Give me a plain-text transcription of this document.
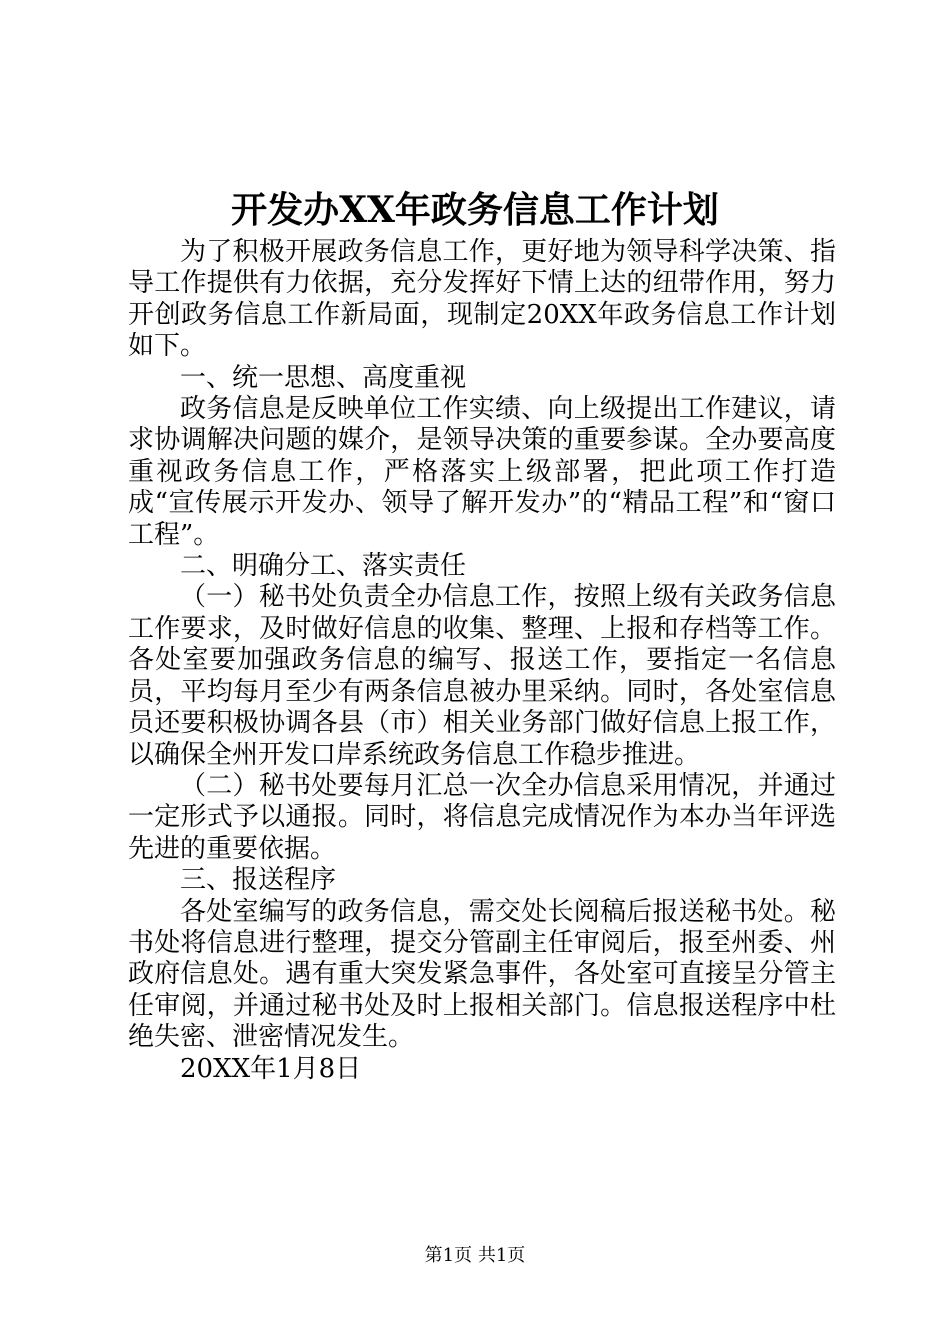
开发办XX年政务信息工作计划

为了积极开展政务信息工作，更好地为领导科学决策、指导工作提供有力依据，充分发挥好下情上达的纽带作用，努力开创政务信息工作新局面，现制定20XX年政务信息工作计划如下。

一、统一思想、高度重视

政务信息是反映单位工作实绩、向上级提出工作建议，请求协调解决问题的媒介，是领导决策的重要参谋。全办要高度重视政务信息工作，严格落实上级部署，把此项工作打造成“宣传展示开发办、领导了解开发办”的“精品工程”和“窗口工程”。

二、明确分工、落实责任

（一）秘书处负责全办信息工作，按照上级有关政务信息工作要求，及时做好信息的收集、整理、上报和存档等工作。各处室要加强政务信息的编写、报送工作，要指定一名信息员，平均每月至少有两条信息被办里采纳。同时，各处室信息员还要积极协调各县（市）相关业务部门做好信息上报工作，以确保全州开发口岸系统政务信息工作稳步推进。

（二）秘书处要每月汇总一次全办信息采用情况，并通过一定形式予以通报。同时，将信息完成情况作为本办当年评选先进的重要依据。

三、报送程序

各处室编写的政务信息，需交处长阅稿后报送秘书处。秘书处将信息进行整理，提交分管副主任审阅后，报至州委、州政府信息处。遇有重大突发紧急事件，各处室可直接呈分管主任审阅，并通过秘书处及时上报相关部门。信息报送程序中杜绝失密、泄密情况发生。

20XX年1月8日

第1页 共1页
